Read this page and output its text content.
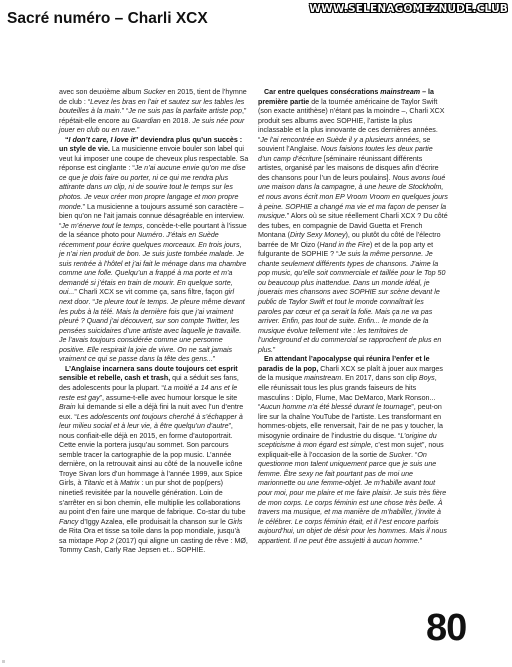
Sacré numéro – Charli XCX
WWW.SELENAGOMEZNUDE.CLUB

avec son deuxième album Sucker en 2015, tient de l’hymne de club : “Levez les bras en l’air et sautez sur les tables les bouteilles à la main.” “Je ne suis pas la parfaite artiste pop,” répétait-elle encore au Guardian en 2018. Je suis née pour jouer en club ou en rave.”

“I don’t care, I love it” deviendra plus qu’un succès : un style de vie. La musicienne envoie bouler son label qui veut lui imposer une coupe de cheveux plus respectable. Sa réponse est cinglante : “Je n’ai aucune envie qu’on me dise ce que je dois faire ou porter, ni ce qui me rendra plus attirante dans un clip, ni de sourire tout le temps sur les photos. Je veux créer mon propre langage et mon propre monde.” La musicienne a toujours assumé son caractère – bien qu’on ne l’ait jamais connue désagréable en interview. “Je m’énerve tout le temps, concède-t-elle pourtant à l’issue de la séance photo pour Numéro. J’étais en Suède récemment pour écrire quelques morceaux. En trois jours, je n’ai rien produit de bon. Je suis juste tombée malade. Je suis rentrée à l’hôtel et j’ai fait le ménage dans ma chambre comme une folle. Quelqu’un a frappé à ma porte et m’a demandé si j’étais en train de mourir. En quelque sorte, oui...” Charli XCX se vit comme ça, sans filtre, façon girl next door. “Je pleure tout le temps. Je pleure même devant les pubs à la télé. Mais la dernière fois que j’ai vraiment pleuré ? Quand j’ai découvert, sur son compte Twitter, les pensées suicidaires d’une artiste avec laquelle je travaille. Je l’avais toujours considérée comme une personne positive. Elle respirait la joie de vivre. On ne sait jamais vraiment ce qui se passe dans la tête des gens...”

L’Anglaise incarnera sans doute toujours cet esprit sensible et rebelle, cash et trash, qui a séduit ses fans, des adolescents pour la plupart. “La moitié a 14 ans et le reste est gay”, assume-t-elle avec humour lorsque le site Brain lui demande si elle a déjà fini la nuit avec l’un d’entre eux. “Les adolescents ont toujours cherché à s’échapper à leur milieu social et à leur vie, à être quelqu’un d’autre”, nous confiait-elle déjà en 2015, en forme d’autoportrait. Cette envie la portera jusqu’au sommet. Son parcours semble tracer la cartographie de la pop music. L’année dernière, on la retrouvait ainsi au côté de la nouvelle icône Troye Sivan lors d’un hommage à l’année 1999, aux Spice Girls, à Titanic et à Matrix : un pur shot de pop(pers) ninetieš revisitée par la nouvelle génération. Loin de s’arrêter en si bon chemin, elle multiplie les collaborations au point d’en faire une marque de fabrique. Co-star du tube Fancy d’Iggy Azalea, elle produisait la chanson sur le Girls de Rita Ora et tisse sa toile dans la pop mondiale, jusqu’à sa mixtape Pop 2 (2017) qui aligne un casting de rêve : MØ, Tommy Cash, Carly Rae Jepsen et... SOPHIE.

Car entre quelques consécrations mainstream – la première partie de la tournée américaine de Taylor Swift (son exacte antithèse) n’étant pas la moindre –, Charli XCX produit ses albums avec SOPHIE, l’artiste la plus inclassable et la plus innovante de ces dernières années. “Je l’ai rencontrée en Suède il y a plusieurs années, se souvient l’Anglaise. Nous faisions toutes les deux partie d’un camp d’écriture [séminaire réunissant différents artistes, organisé par les maisons de disques afin d’écrire des chansons pour l’un de leurs poulains]. Nous avons loué une maison dans la campagne, à une heure de Stockholm, et nous avons écrit mon EP Vroom Vroom en quelques jours à peine. SOPHIE a changé ma vie et ma façon de penser la musique.” Alors où se situe réellement Charli XCX ? Du côté des tubes, en compagnie de David Guetta et French Montana (Dirty Sexy Money), ou plutôt du côté de l’électro barrée de Mr Oizo (Hand in the Fire) et de la pop arty et fulgurante de SOPHIE ? “Je suis la même personne. Je chante seulement différents types de chansons. J’aime la pop music, qu’elle soit commerciale et taillée pour le Top 50 ou beaucoup plus inattendue. Dans un monde idéal, je jouerais mes chansons avec SOPHIE sur scène devant le public de Taylor Swift et tout le monde connaîtrait les paroles par cœur et ça serait la folie. Mais ça ne va pas arriver. Enfin, pas tout de suite. Enfin... le monde de la musique évolue tellement vite : les territoires de l’underground et du commercial se rapprochent de plus en plus.”

En attendant l’apocalypse qui réunira l’enfer et le paradis de la pop, Charli XCX se plaît à jouer aux marges de la musique mainstream. En 2017, dans son clip Boys, elle réunissait tous les plus grands faiseurs de hits masculins : Diplo, Flume, Mac DeMarco, Mark Ronson... “Aucun homme n’a été blessé durant le tournage”, peut-on lire sur la chaîne YouTube de l’artiste. Les transformant en hommes-objets, elle renversait, l’air de ne pas y toucher, la misogynie ordinaire de l’industrie du disque. “L’origine du scepticisme à mon égard est simple, c’est mon sujet”, nous expliquait-elle à l’occasion de la sortie de Sucker. “On questionne mon talent uniquement parce que je suis une femme. Être sexy ne fait pourtant pas de moi une marionnette ou une femme-objet. Je m’habille avant tout pour moi, pour me plaire et me faire plaisir. Je suis très fière de mon corps. Le corps féminin est une chose très belle. À travers ma musique, et ma manière de m’habiller, j’invite à le célébrer. Le corps féminin était, et il l’est encore parfois aujourd’hui, un objet de désir pour les hommes. Mais il nous appartient. Il ne peut être assujetti à aucun homme.”

80
